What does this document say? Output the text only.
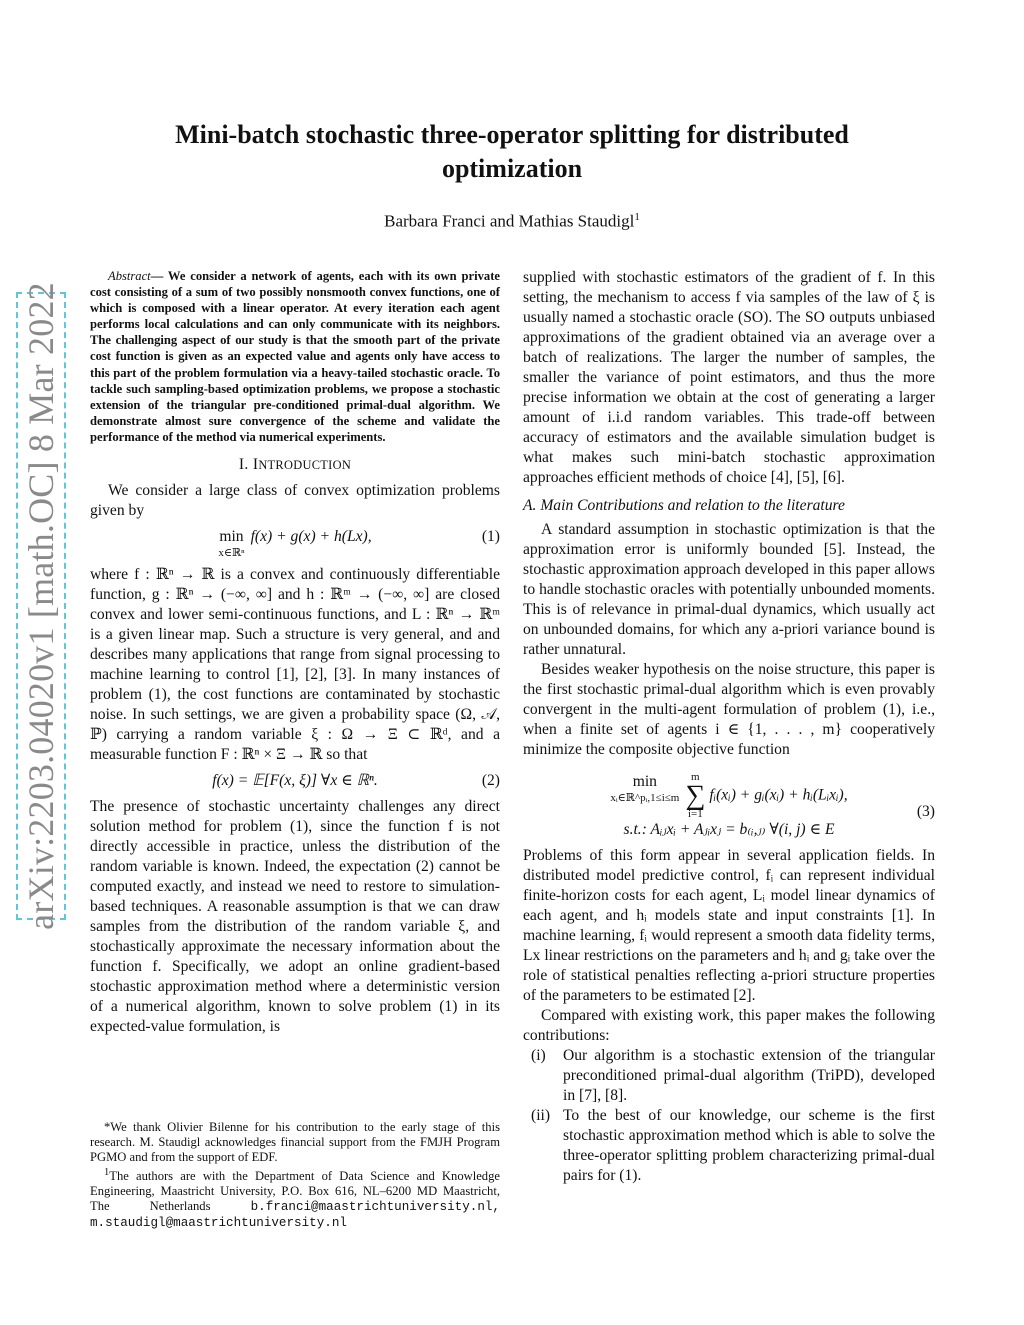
arXiv:2203.04020v1 [math.OC] 8 Mar 2022
Mini-batch stochastic three-operator splitting for distributed optimization
Barbara Franci and Mathias Staudigl$^1$

Abstract— We consider a network of agents, each with its own private cost consisting of a sum of two possibly nonsmooth convex functions, one of which is composed with a linear operator. At every iteration each agent performs local calculations and can only communicate with its neighbors. The challenging aspect of our study is that the smooth part of the private cost function is given as an expected value and agents only have access to this part of the problem formulation via a heavy-tailed stochastic oracle. To tackle such sampling-based optimization problems, we propose a stochastic extension of the triangular pre-conditioned primal-dual algorithm. We demonstrate almost sure convergence of the scheme and validate the performance of the method via numerical experiments.

I. INTRODUCTION

We consider a large class of convex optimization problems given by

min
x∈ℝⁿ
f(x) + g(x) + h(Lx),	(1)

where f : ℝⁿ → ℝ is a convex and continuously differentiable function, g : ℝⁿ → (−∞, ∞] and h : ℝᵐ → (−∞, ∞] are closed convex and lower semi-continuous functions, and L : ℝⁿ → ℝᵐ is a given linear map. Such a structure is very general, and and describes many applications that range from signal processing to machine learning to control [1], [2], [3]. In many instances of problem (1), the cost functions are contaminated by stochastic noise. In such settings, we are given a probability space (Ω, 𝒜, ℙ) carrying a random variable ξ : Ω → Ξ ⊂ ℝᵈ, and a measurable function F : ℝⁿ × Ξ → ℝ so that

f(x) = 𝔼[F(x, ξ)] ∀x ∈ ℝⁿ.	(2)

The presence of stochastic uncertainty challenges any direct solution method for problem (1), since the function f is not directly accessible in practice, unless the distribution of the random variable is known. Indeed, the expectation (2) cannot be computed exactly, and instead we need to restore to simulation-based techniques. A reasonable assumption is that we can draw samples from the distribution of the random variable ξ, and stochastically approximate the necessary information about the function f. Specifically, we adopt an online gradient-based stochastic approximation method where a deterministic version of a numerical algorithm, known to solve problem (1) in its expected-value formulation, is

*We thank Olivier Bilenne for his contribution to the early stage of this research. M. Staudigl acknowledges financial support from the FMJH Program PGMO and from the support of EDF.

$^1$The authors are with the Department of Data Science and Knowledge Engineering, Maastricht University, P.O. Box 616, NL–6200 MD Maastricht, The Netherlands	b.franci@maastrichtuniversity.nl, m.staudigl@maastrichtuniversity.nl

supplied with stochastic estimators of the gradient of f. In this setting, the mechanism to access f via samples of the law of ξ is usually named a stochastic oracle (SO). The SO outputs unbiased approximations of the gradient obtained via an average over a batch of realizations. The larger the number of samples, the smaller the variance of point estimators, and thus the more precise information we obtain at the cost of generating a larger amount of i.i.d random variables. This trade-off between accuracy of estimators and the available simulation budget is what makes such mini-batch stochastic approximation approaches efficient methods of choice [4], [5], [6].

A. Main Contributions and relation to the literature

A standard assumption in stochastic optimization is that the approximation error is uniformly bounded [5]. Instead, the stochastic approximation approach developed in this paper allows to handle stochastic oracles with potentially unbounded moments. This is of relevance in primal-dual dynamics, which usually act on unbounded domains, for which any a-priori variance bound is rather unnatural.

Besides weaker hypothesis on the noise structure, this paper is the first stochastic primal-dual algorithm which is even provably convergent in the multi-agent formulation of problem (1), i.e., when a finite set of agents i ∈ {1, . . . , m} cooperatively minimize the composite objective function

min
xᵢ∈ℝ^pᵢ,1≤i≤m
m
∑
i=1
fᵢ(xᵢ) + gᵢ(xᵢ) + hᵢ(Lᵢxᵢ),
s.t.: Aᵢⱼxᵢ + Aⱼᵢxⱼ = b₍ᵢ,ⱼ₎ ∀(i, j) ∈ E
(3)

Problems of this form appear in several application fields. In distributed model predictive control, fᵢ can represent individual finite-horizon costs for each agent, Lᵢ model linear dynamics of each agent, and hᵢ models state and input constraints [1]. In machine learning, fᵢ would represent a smooth data fidelity terms, Lx linear restrictions on the parameters and hᵢ and gᵢ take over the role of statistical penalties reflecting a-priori structure properties of the parameters to be estimated [2].

Compared with existing work, this paper makes the following contributions:

(i) Our algorithm is a stochastic extension of the triangular preconditioned primal-dual algorithm (TriPD), developed in [7], [8].
(ii) To the best of our knowledge, our scheme is the first stochastic approximation method which is able to solve the three-operator splitting problem characterizing primal-dual pairs for (1).
